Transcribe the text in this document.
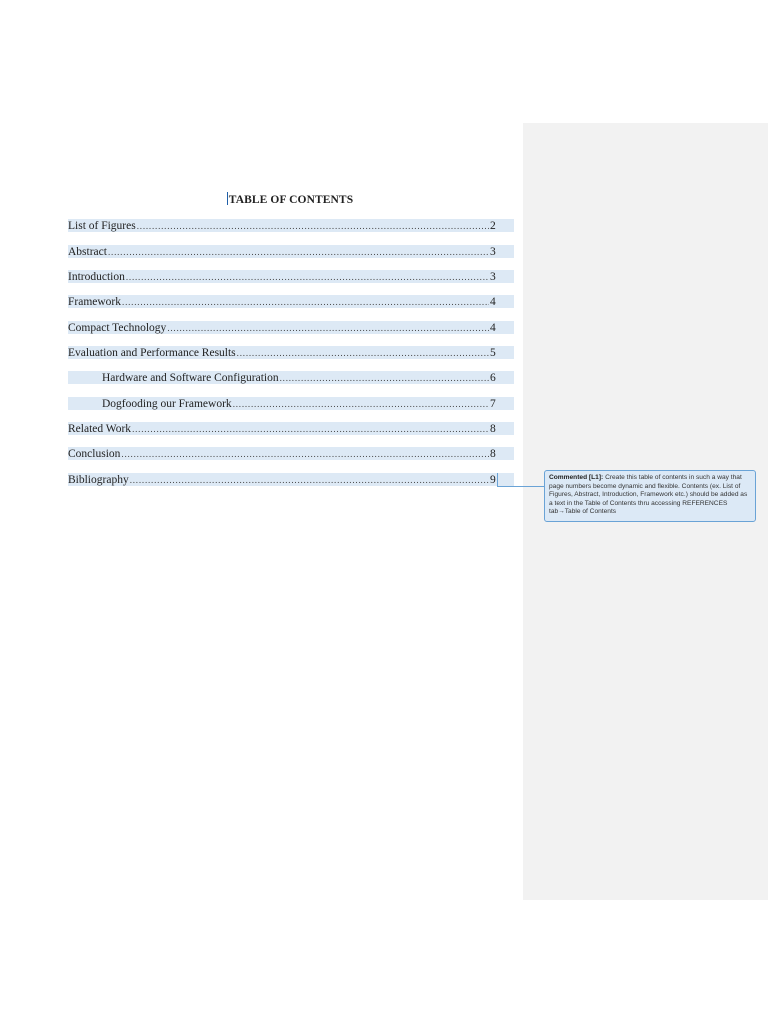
TABLE OF CONTENTS
List of Figures .....	2
Abstract .....	3
Introduction .....	3
Framework .....	4
Compact Technology .....	4
Evaluation and Performance Results .....	5
Hardware and Software Configuration .....	6
Dogfooding our Framework .....	7
Related Work .....	8
Conclusion .....	8
Bibliography .....	9	Commented [L1]: Create this table of contents in such a way that page numbers become dynamic and flexible. Contents (ex. List of Figures, Abstract, Introduction, Framework etc.) should be added as a text in the Table of Contents thru accessing REFERENCES tab→Table of Contents
